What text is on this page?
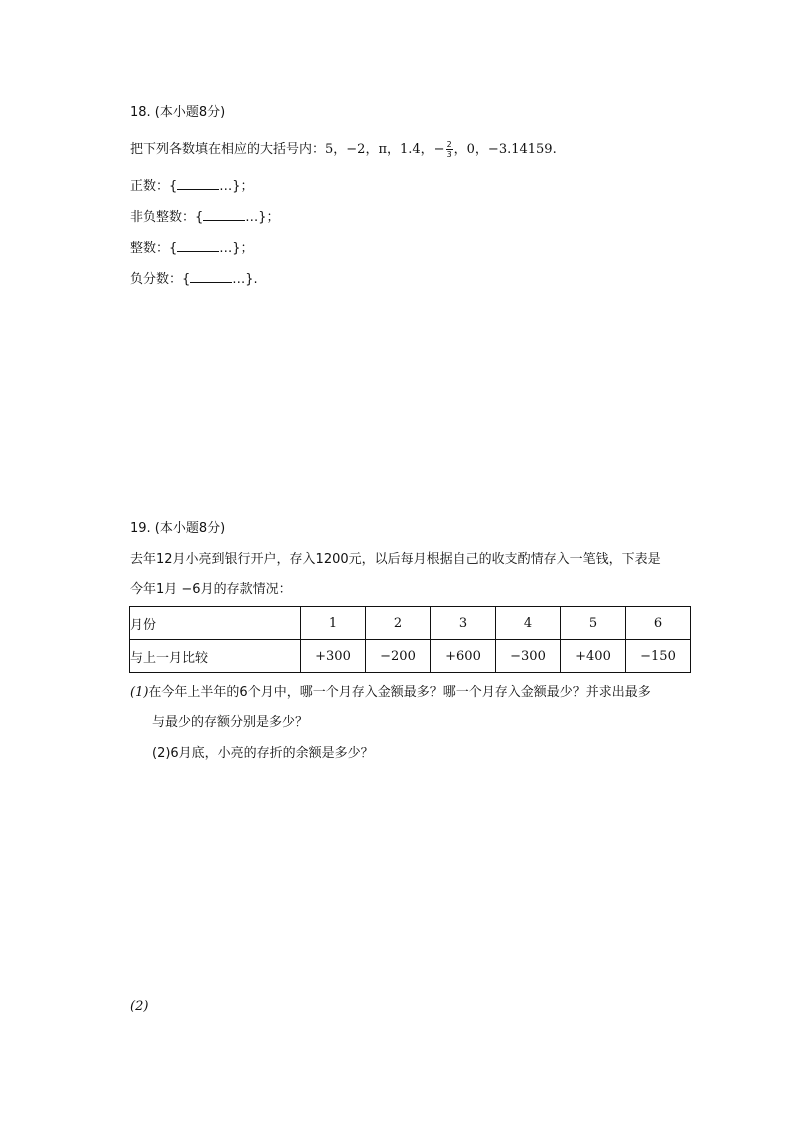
18. (本小题8分)
把下列各数填在相应的大括号内：5，−2，π，1.4，− $\frac{2}{3}$ ，0，−3.14159.
正数：{	…}；
非负整数：{	…}；
整数：{	…}；
负分数：{	…}.
19. (本小题8分)
去年12月小亮到银行开户，存入1200元，以后每月根据自己的收支酌情存入一笔钱，下表是
今年1月 −6月的存款情况：
月份	1	2	3	4	5	6
与上一月比较	+300	−200	+600	−300	+400	−150
(1)在今年上半年的6个月中，哪一个月存入金额最多？哪一个月存入金额最少？并求出最多
与最少的存额分别是多少？
(2)6月底，小亮的存折的余额是多少？
(2)
